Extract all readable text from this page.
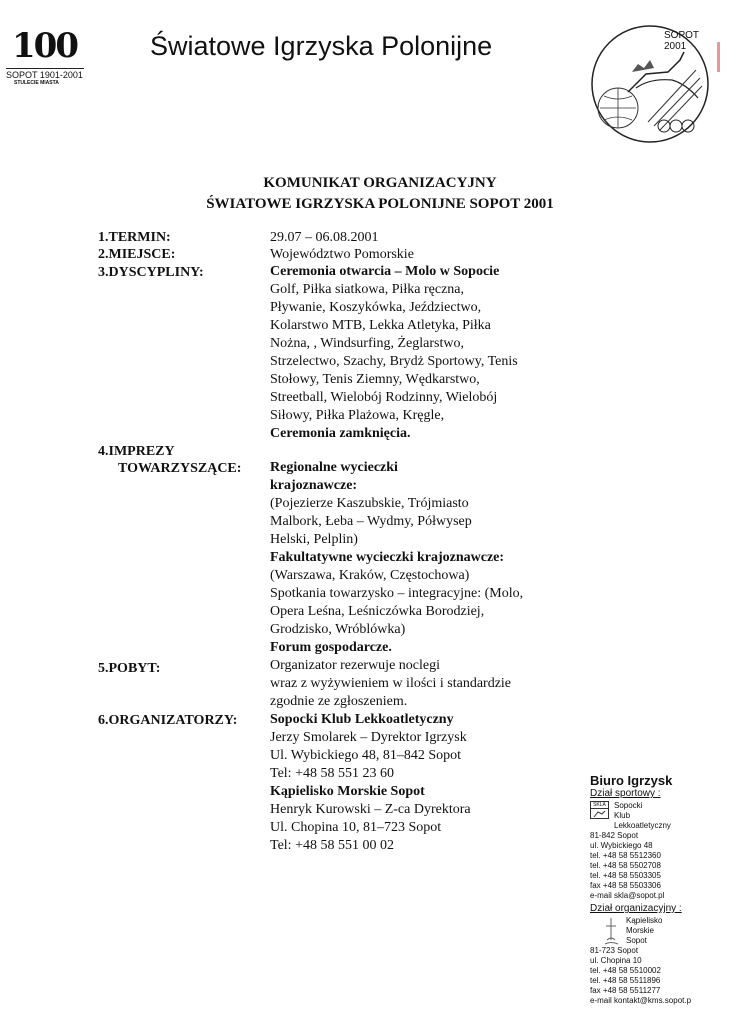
100
SOPOT 1901-2001
STULECIE MIASTA
Światowe Igrzyska Polonijne	SOPOT
2001
KOMUNIKAT ORGANIZACYJNY
ŚWIATOWE IGRZYSKA POLONIJNE SOPOT 2001
1.TERMIN:	29.07 – 06.08.2001
2.MIEJSCE:	Województwo Pomorskie
3.DYSCYPLINY:	Ceremonia otwarcia – Molo w Sopocie
Golf, Piłka siatkowa, Piłka ręczna,
Pływanie, Koszykówka, Jeździectwo,
Kolarstwo MTB, Lekka Atletyka, Piłka
Nożna, , Windsurfing, Żeglarstwo,
Strzelectwo, Szachy, Brydż Sportowy, Tenis
Stołowy, Tenis Ziemny, Wędkarstwo,
Streetball, Wielobój Rodzinny, Wielobój
Siłowy, Piłka Plażowa, Kręgle,
Ceremonia zamknięcia.
4.IMPREZY
TOWARZYSZĄCE: Regionalne wycieczki
krajoznawcze:
(Pojezierze Kaszubskie, Trójmiasto
Malbork, Łeba – Wydmy, Półwysep
Helski, Pelplin)
Fakultatywne wycieczki krajoznawcze:
(Warszawa, Kraków, Częstochowa)
Spotkania towarzysko – integracyjne: (Molo,
Opera Leśna, Leśniczówka Borodziej,
Grodzisko, Wróblówka)
Forum gospodarcze.
5.POBYT:	Organizator rezerwuje noclegi
wraz z wyżywieniem w ilości i standardzie
zgodnie ze zgłoszeniem.
6.ORGANIZATORZY: Sopocki Klub Lekkoatletyczny
Jerzy Smolarek – Dyrektor Igrzysk
Ul. Wybickiego 48, 81–842 Sopot
Tel: +48 58 551 23 60
Kąpielisko Morskie Sopot
Henryk Kurowski – Z-ca Dyrektora
Ul. Chopina 10, 81–723 Sopot
Tel: +48 58 551 00 02
Biuro Igrzysk
Dział sportowy :
SKLA Sopocki
Klub
Lekkoatletyczny
81-842 Sopot
ul. Wybickiego 48
tel. +48 58 5512360
tel. +48 58 5502708
tel. +48 58 5503305
fax +48 58 5503306
e-mail skla@sopot.pl
Dział organizacyjny :
Kąpielisko
Morskie
Sopot
81-723 Sopot
ul. Chopina 10
tel. +48 58 5510002
tel. +48 58 5511896
fax +48 58 5511277
e-mail kontakt@kms.sopot.p
